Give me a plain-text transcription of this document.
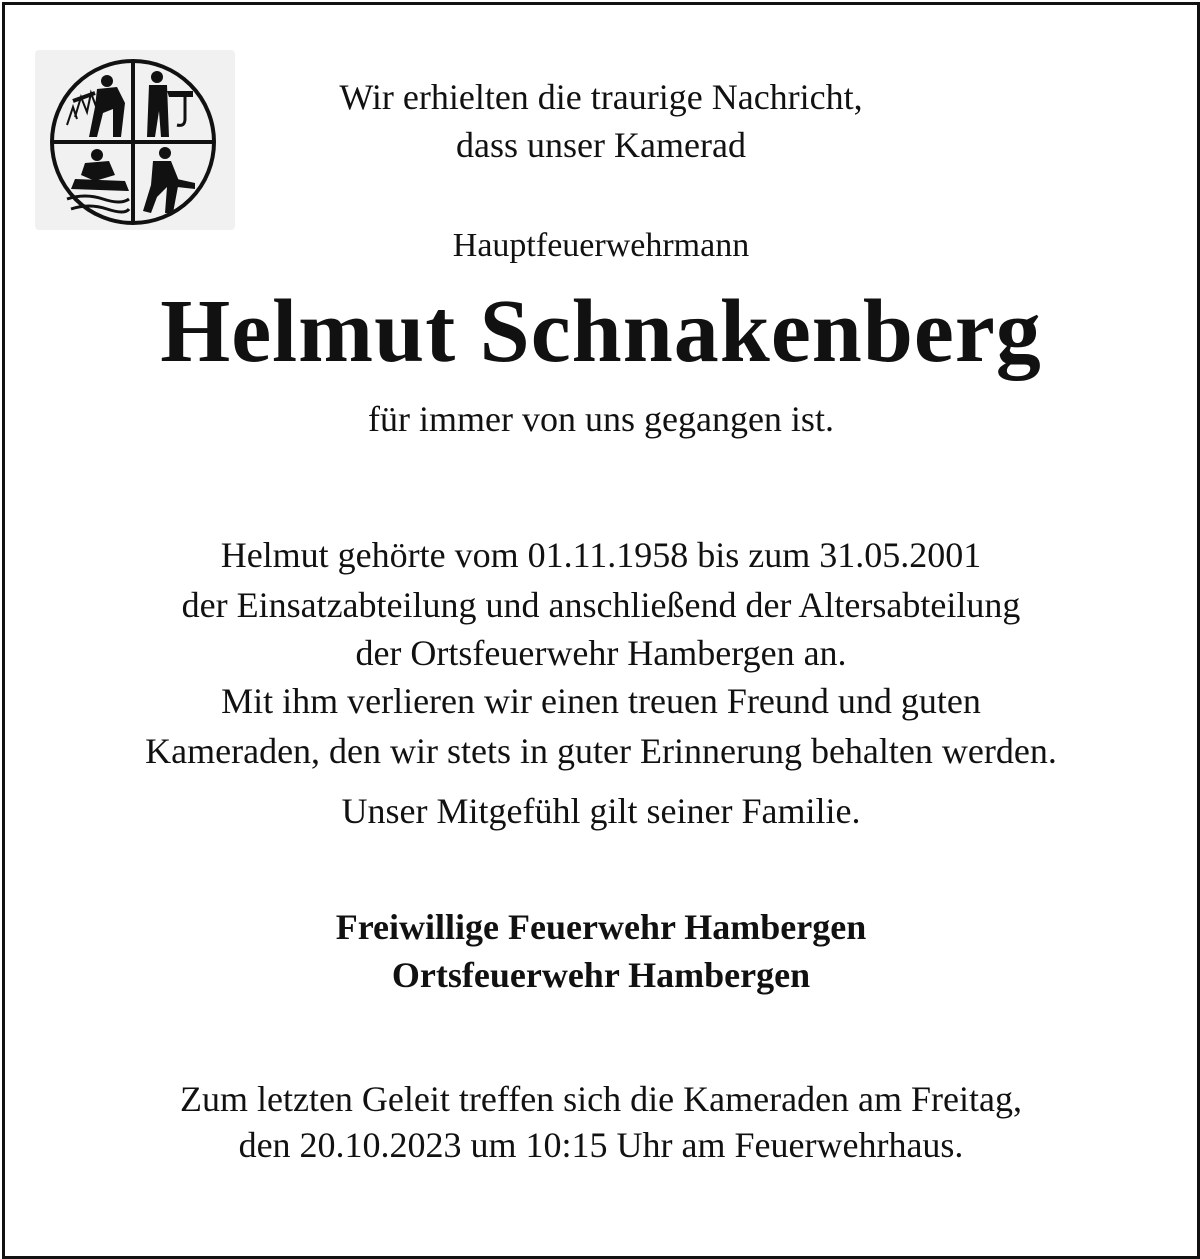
Wir erhielten die traurige Nachricht,
dass unser Kamerad
Hauptfeuerwehrmann
Helmut Schnakenberg
für immer von uns gegangen ist.
Helmut gehörte vom 01.11.1958 bis zum 31.05.2001
der Einsatzabteilung und anschließend der Altersabteilung
der Ortsfeuerwehr Hambergen an.
Mit ihm verlieren wir einen treuen Freund und guten
Kameraden, den wir stets in guter Erinnerung behalten werden.
Unser Mitgefühl gilt seiner Familie.
Freiwillige Feuerwehr Hambergen
Ortsfeuerwehr Hambergen
Zum letzten Geleit treffen sich die Kameraden am Freitag,
den 20.10.2023 um 10:15 Uhr am Feuerwehrhaus.
